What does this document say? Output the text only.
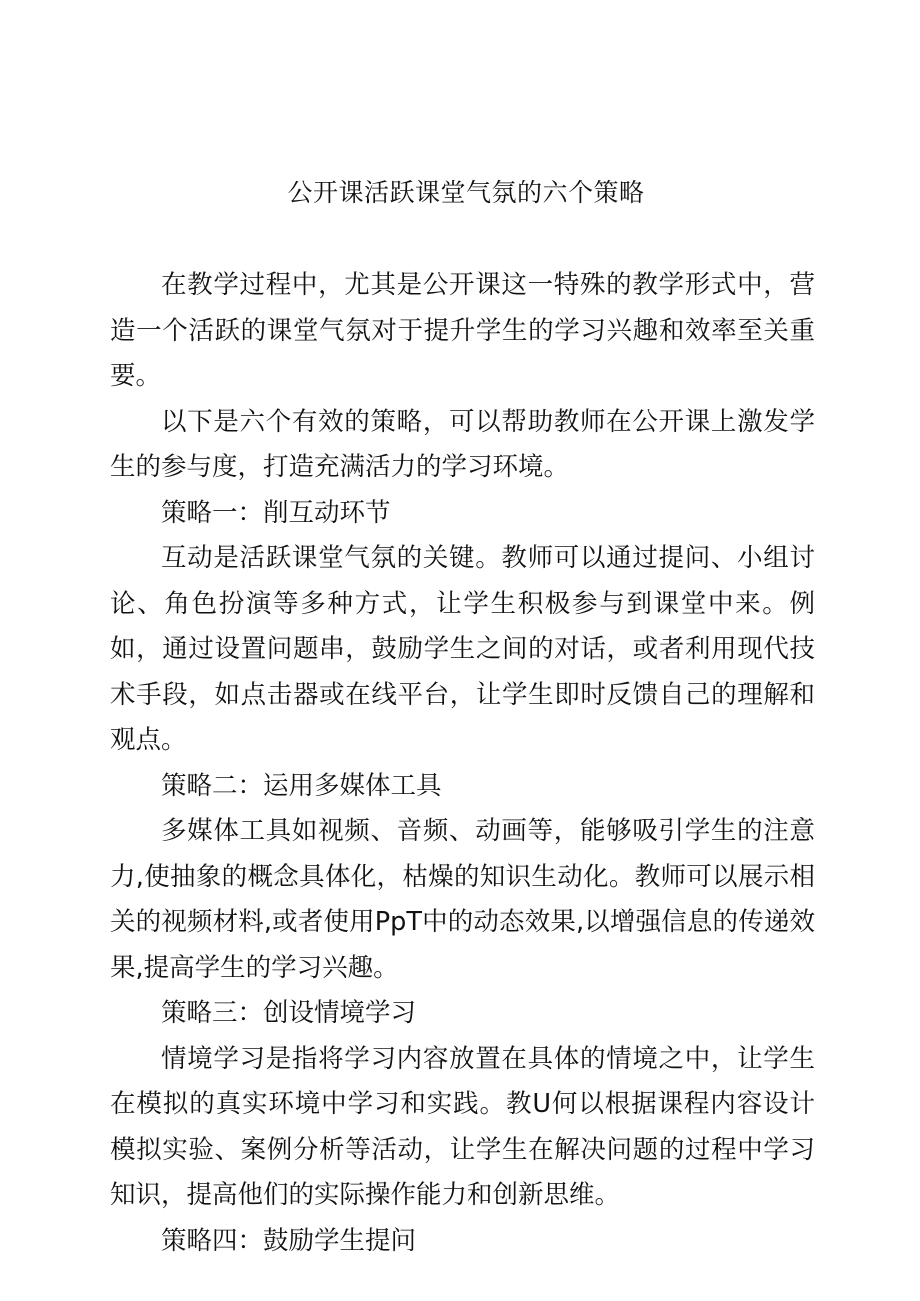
公开课活跃课堂气氛的六个策略

在教学过程中，尤其是公开课这一特殊的教学形式中，营造一个活跃的课堂气氛对于提升学生的学习兴趣和效率至关重要。

以下是六个有效的策略，可以帮助教师在公开课上激发学生的参与度，打造充满活力的学习环境。

策略一：削互动环节

互动是活跃课堂气氛的关键。教师可以通过提问、小组讨论、角色扮演等多种方式，让学生积极参与到课堂中来。例如，通过设置问题串，鼓励学生之间的对话，或者利用现代技术手段，如点击器或在线平台，让学生即时反馈自己的理解和观点。

策略二：运用多媒体工具

多媒体工具如视频、音频、动画等，能够吸引学生的注意力,使抽象的概念具体化，枯燥的知识生动化。教师可以展示相关的视频材料,或者使用PpT中的动态效果,以增强信息的传递效果,提高学生的学习兴趣。

策略三：创设情境学习

情境学习是指将学习内容放置在具体的情境之中，让学生在模拟的真实环境中学习和实践。教U何以根据课程内容设计模拟实验、案例分析等活动，让学生在解决问题的过程中学习知识，提高他们的实际操作能力和创新思维。

策略四：鼓励学生提问
